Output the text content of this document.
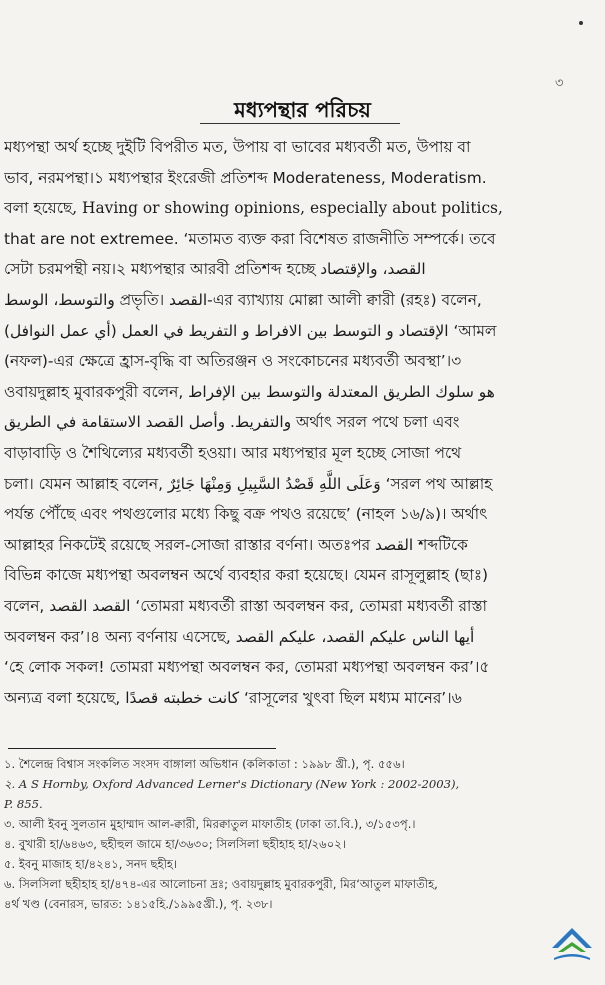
৩
মধ্যপন্থার পরিচয়
মধ্যপন্থা অর্থ হচ্ছে দুইটি বিপরীত মত, উপায় বা ভাবের মধ্যবর্তী মত, উপায় বা
ভাব, নরমপন্থা।১ মধ্যপন্থার ইংরেজী প্রতিশব্দ Moderateness, Moderatism.
বলা হয়েছে, Having or showing opinions, especially about politics,
that are not extremee. ‘মতামত ব্যক্ত করা বিশেষত রাজনীতি সম্পর্কে। তবে
সেটা চরমপন্থী নয়।২ মধ্যপন্থার আরবী প্রতিশব্দ হচ্ছে القصد، والإقتصاد
والتوسط، الوسط প্রভৃতি। القصد-এর ব্যাখ্যায় মোল্লা আলী ক্বারী (রহঃ) বলেন,
الإقتصاد و التوسط بين الافراط و التفريط في العمل (أي عمل النوافل) ‘আমল
(নফল)-এর ক্ষেত্রে হ্রাস-বৃদ্ধি বা অতিরঞ্জন ও সংকোচনের মধ্যবর্তী অবস্থা’।৩
ওবায়দুল্লাহ মুবারকপুরী বলেন, هو سلوك الطريق المعتدلة والتوسط بين الإفراط
والتفريط. وأصل القصد الاستقامة في الطريق অর্থাৎ সরল পথে চলা এবং
বাড়াবাড়ি ও শৈথিল্যের মধ্যবর্তী হওয়া। আর মধ্যপন্থার মূল হচ্ছে সোজা পথে
চলা। যেমন আল্লাহ বলেন, وَعَلَى اللَّهِ قَصْدُ السَّبِيلِ وَمِنْهَا جَائِرٌ ‘সরল পথ আল্লাহ
পর্যন্ত পৌঁছে এবং পথগুলোর মধ্যে কিছু বক্র পথও রয়েছে’ (নাহল ১৬/৯)। অর্থাৎ
আল্লাহর নিকটেই রয়েছে সরল-সোজা রাস্তার বর্ণনা। অতঃপর القصد শব্দটিকে
বিভিন্ন কাজে মধ্যপন্থা অবলম্বন অর্থে ব্যবহার করা হয়েছে। যেমন রাসূলুল্লাহ (ছাঃ)
বলেন, القصد القصد ‘তোমরা মধ্যবর্তী রাস্তা অবলম্বন কর, তোমরা মধ্যবর্তী রাস্তা
অবলম্বন কর’।৪ অন্য বর্ণনায় এসেছে, أيها الناس عليكم القصد، عليكم القصد
‘হে লোক সকল! তোমরা মধ্যপন্থা অবলম্বন কর, তোমরা মধ্যপন্থা অবলম্বন কর’।৫
অন্যত্র বলা হয়েছে, كانت خطبته قصدًا ‘রাসূলের খুৎবা ছিল মধ্যম মানের’।৬
১. শৈলেন্দ্র বিশ্বাস সংকলিত সংসদ বাঙ্গালা অভিধান (কলিকাতা : ১৯৯৮ খ্রী.), পৃ. ৫৫৬।
২. A S Hornby, Oxford Advanced Lerner's Dictionary (New York : 2002-2003),
P. 855.
৩. আলী ইবনু সুলতান মুহাম্মাদ আল-ক্বারী, মিরক্বাতুল মাফাতীহ (ঢাকা তা.বি.), ৩/১৫৩পৃ.।
৪. বুখারী হা/৬৪৬৩, ছহীহুল জামে হা/৩৬৩০; সিলসিলা ছহীহাহ হা/২৬০২।
৫. ইবনু মাজাহ হা/৪২৪১, সনদ ছহীহ।
৬. সিলসিলা ছহীহাহ হা/৪৭৪-এর আলোচনা দ্রঃ; ওবায়দুল্লাহ মুবারকপুরী, মির‘আতুল মাফাতীহ,
৪র্থ খণ্ড (বেনারস, ভারত: ১৪১৫হি./১৯৯৫খ্রী.), পৃ. ২৩৮।
